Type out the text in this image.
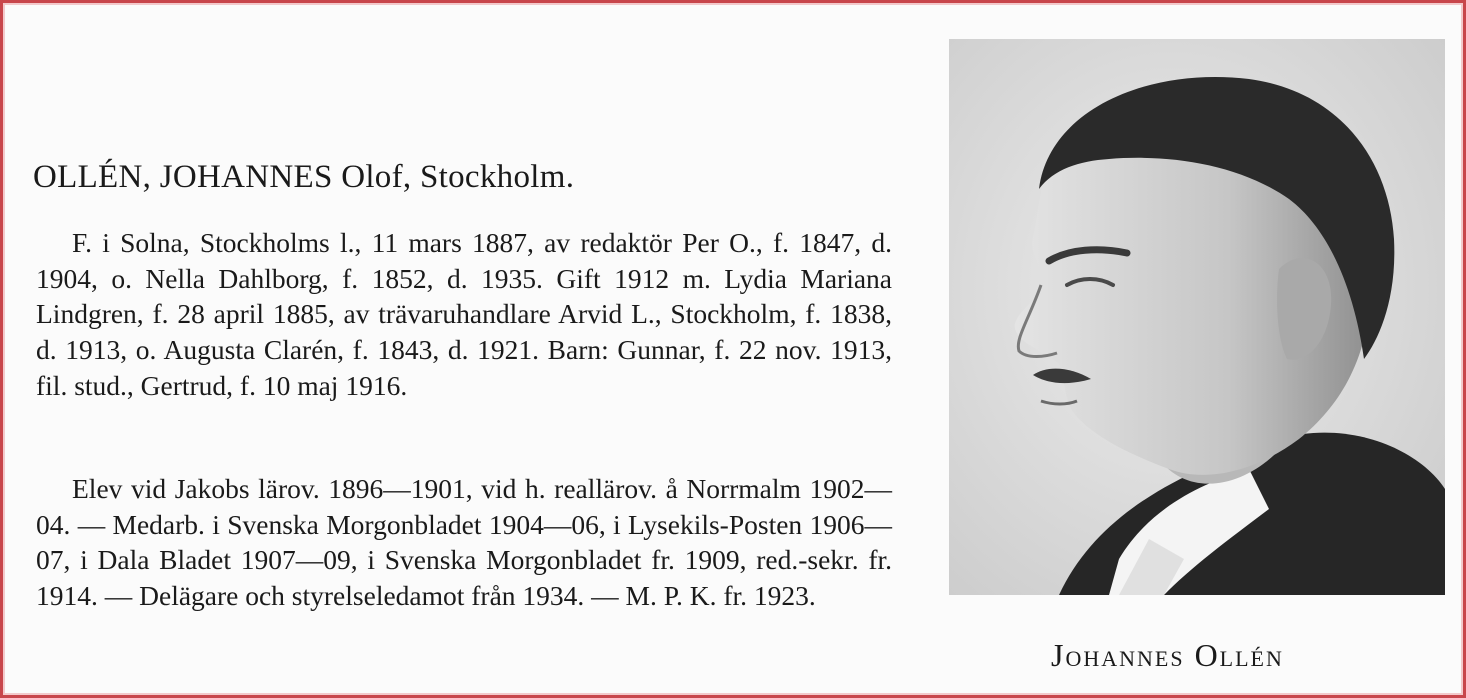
OLLÉN, JOHANNES Olof, Stockholm.

F. i Solna, Stockholms l., 11 mars 1887, av redaktör Per O., f. 1847, d. 1904, o. Nella Dahlborg, f. 1852, d. 1935. Gift 1912 m. Lydia Mariana Lindgren, f. 28 april 1885, av trävaruhandlare Arvid L., Stockholm, f. 1838, d. 1913, o. Augusta Clarén, f. 1843, d. 1921. Barn: Gunnar, f. 22 nov. 1913, fil. stud., Gertrud, f. 10 maj 1916.

Elev vid Jakobs lärov. 1896—1901, vid h. reallärov. å Norrmalm 1902—04. — Medarb. i Svenska Morgonbladet 1904—06, i Lysekils-Posten 1906—07, i Dala Bladet 1907—09, i Svenska Morgonbladet fr. 1909, red.-sekr. fr. 1914. — Delägare och styrelseledamot från 1934. — M. P. K. fr. 1923.

Johannes Ollén
